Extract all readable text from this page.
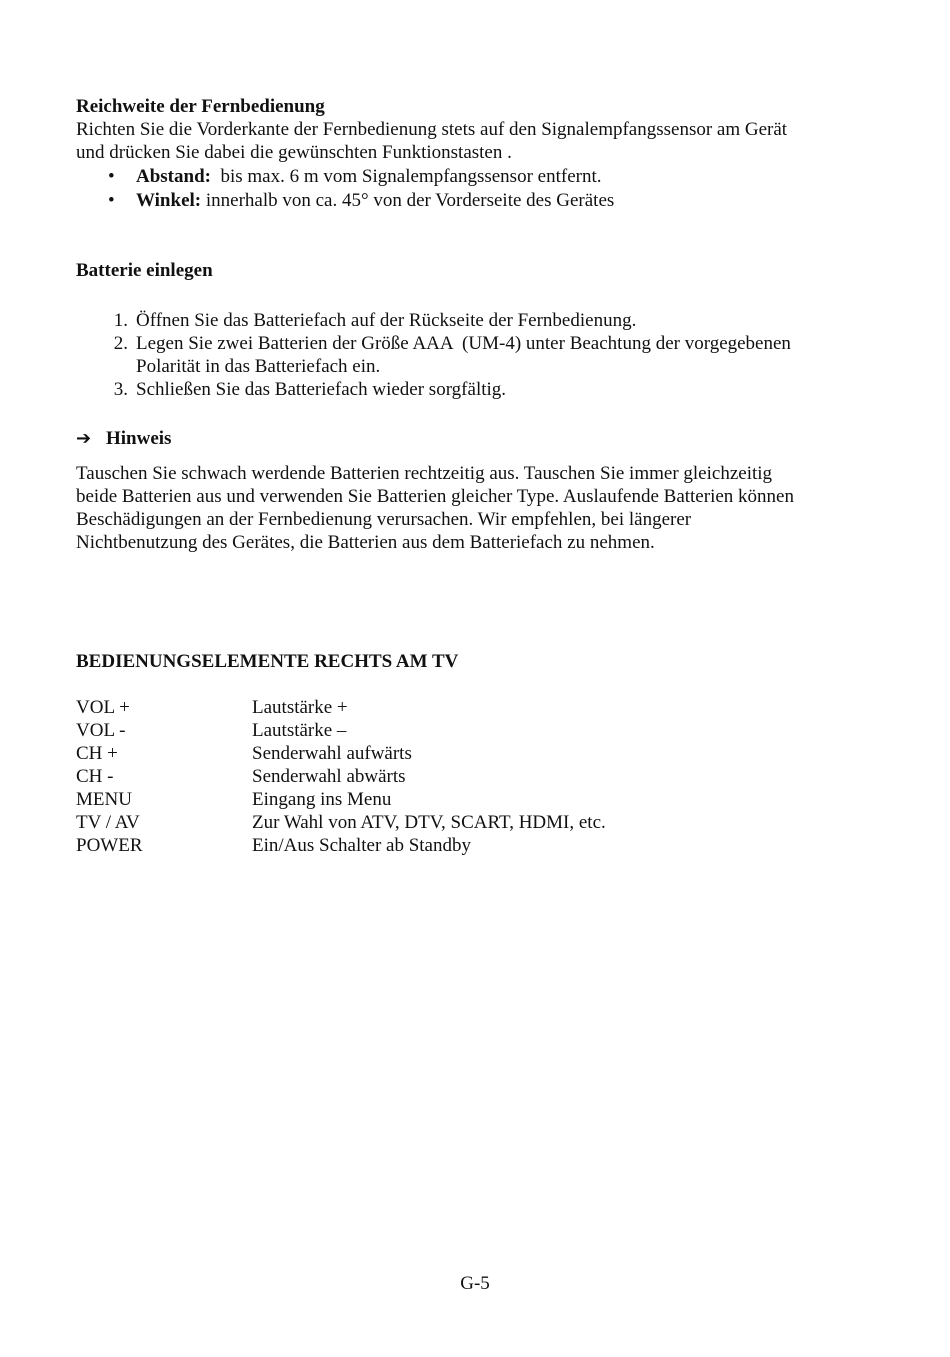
Reichweite der Fernbedienung
Richten Sie die Vorderkante der Fernbedienung stets auf den Signalempfangssensor am Gerät
und drücken Sie dabei die gewünschten Funktionstasten .
• Abstand:  bis max. 6 m vom Signalempfangssensor entfernt.
• Winkel: innerhalb von ca. 45° von der Vorderseite des Gerätes
Batterie einlegen
1. Öffnen Sie das Batteriefach auf der Rückseite der Fernbedienung.
2. Legen Sie zwei Batterien der Größe AAA  (UM-4) unter Beachtung der vorgegebenen
Polarität in das Batteriefach ein.
3. Schließen Sie das Batteriefach wieder sorgfältig.
➔ Hinweis
Tauschen Sie schwach werdende Batterien rechtzeitig aus. Tauschen Sie immer gleichzeitig
beide Batterien aus und verwenden Sie Batterien gleicher Type. Auslaufende Batterien können
Beschädigungen an der Fernbedienung verursachen. Wir empfehlen, bei längerer
Nichtbenutzung des Gerätes, die Batterien aus dem Batteriefach zu nehmen.
BEDIENUNGSELEMENTE RECHTS AM TV
VOL +	Lautstärke +
VOL -	Lautstärke –
CH +	Senderwahl aufwärts
CH -	Senderwahl abwärts
MENU	Eingang ins Menu
TV / AV	Zur Wahl von ATV, DTV, SCART, HDMI, etc.
POWER	Ein/Aus Schalter ab Standby
G-5
